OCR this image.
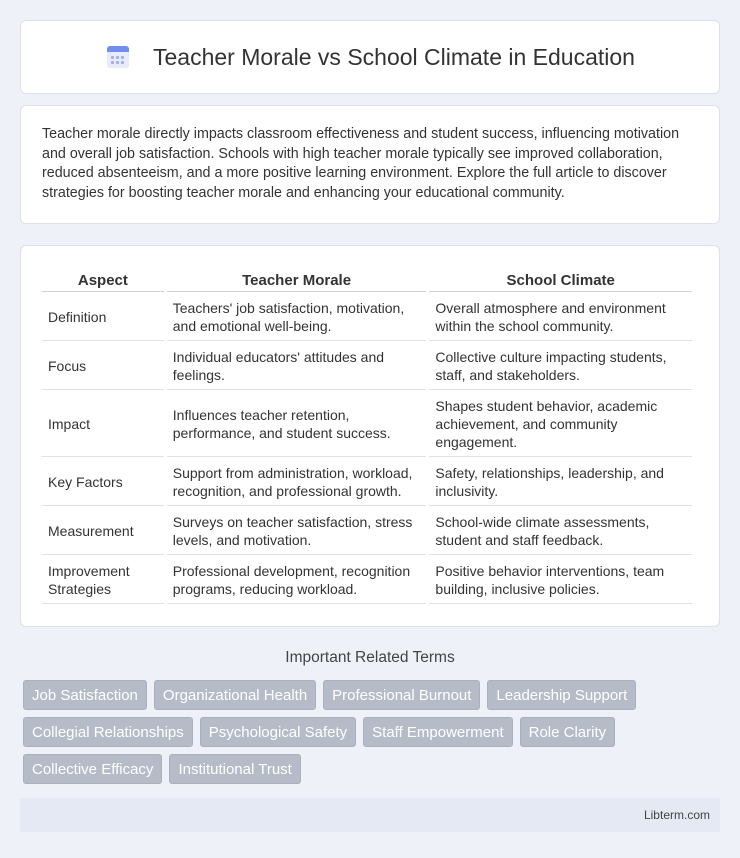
Teacher Morale vs School Climate in Education

Teacher morale directly impacts classroom effectiveness and student success, influencing motivation and overall job satisfaction. Schools with high teacher morale typically see improved collaboration, reduced absenteeism, and a more positive learning environment. Explore the full article to discover strategies for boosting teacher morale and enhancing your educational community.

Aspect	Teacher Morale	School Climate
Definition	Teachers' job satisfaction, motivation, and emotional well-being.	Overall atmosphere and environment within the school community.
Focus	Individual educators' attitudes and feelings.	Collective culture impacting students, staff, and stakeholders.
Impact	Influences teacher retention, performance, and student success.	Shapes student behavior, academic achievement, and community engagement.
Key Factors	Support from administration, workload, recognition, and professional growth.	Safety, relationships, leadership, and inclusivity.
Measurement	Surveys on teacher satisfaction, stress levels, and motivation.	School-wide climate assessments, student and staff feedback.
Improvement Strategies	Professional development, recognition programs, reducing workload.	Positive behavior interventions, team building, inclusive policies.
Important Related Terms
Job Satisfaction	Organizational Health	Professional Burnout	Leadership Support
Collegial Relationships	Psychological Safety	Staff Empowerment	Role Clarity
Collective Efficacy	Institutional Trust
Libterm.com
